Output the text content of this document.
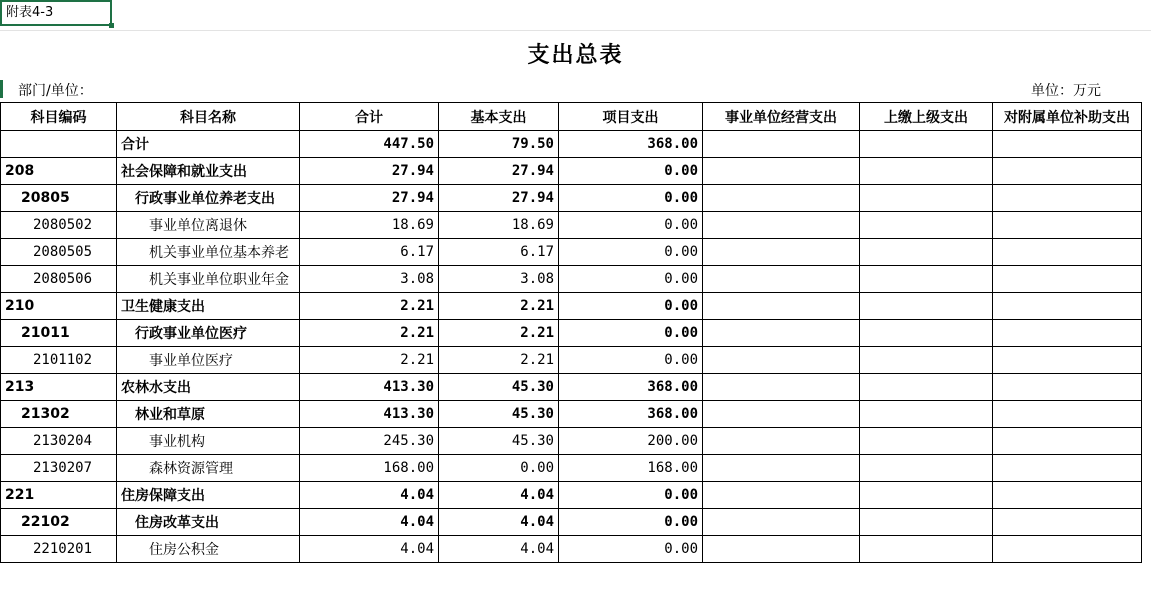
附表4-3
支出总表
部门/单位：	单位：万元
科目编码	科目名称	合计	基本支出	项目支出	事业单位经营支出	上缴上级支出	对附属单位补助支出
	合计	447.50	79.50	368.00			
208	社会保障和就业支出	27.94	27.94	0.00			
20805	行政事业单位养老支出	27.94	27.94	0.00			
2080502	事业单位离退休	18.69	18.69	0.00			
2080505	机关事业单位基本养老	6.17	6.17	0.00			
2080506	机关事业单位职业年金	3.08	3.08	0.00			
210	卫生健康支出	2.21	2.21	0.00			
21011	行政事业单位医疗	2.21	2.21	0.00			
2101102	事业单位医疗	2.21	2.21	0.00			
213	农林水支出	413.30	45.30	368.00			
21302	林业和草原	413.30	45.30	368.00			
2130204	事业机构	245.30	45.30	200.00			
2130207	森林资源管理	168.00	0.00	168.00			
221	住房保障支出	4.04	4.04	0.00			
22102	住房改革支出	4.04	4.04	0.00			
2210201	住房公积金	4.04	4.04	0.00			
